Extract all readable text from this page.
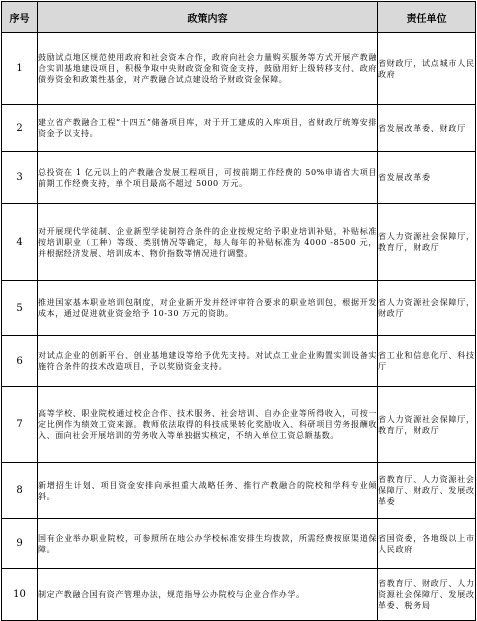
序号	政策内容	责任单位
1	鼓励试点地区规范使用政府和社会资本合作，政府向社会力量购买服务等方式开展产教融合实训基地建设项目，积极争取中央财政资金和资金支持，鼓励用好上级转移支付、政府债券资金和政策性基金，对产教融合试点建设给予财政资金保障。	省财政厅，试点城市人民政府
2	建立省产教融合工程“十四五”储备项目库，对于开工建成的入库项目，省财政厅统筹安排资金予以支持。	省发展改革委、财政厅
3	总投资在 1 亿元以上的产教融合发展工程项目，可按前期工作经费的 50%申请省大项目前期工作经费支持，单个项目最高不超过 5000 万元。	省发展改革委
4	对开展现代学徒制、企业新型学徒制符合条件的企业按规定给予职业培训补贴，补贴标准按培训职业（工种）等级、类别情况等确定，每人每年的补贴标准为 4000 -8500 元，并根据经济发展、培训成本、物价指数等情况进行调整。	省人力资源社会保障厅，教育厅，财政厅
5	推进国家基本职业培训包制度，对企业新开发并经评审符合要求的职业培训包，根据开发成本，通过促进就业资金给予 10-30 万元的资助。	省人力资源社会保障厅，财政厅
6	对试点企业的创新平台、创业基地建设等给予优先支持。对试点工业企业购置实训设备实施符合条件的技术改造项目，予以奖励资金支持。	省工业和信息化厅、科技厅
7	高等学校、职业院校通过校企合作、技术服务、社会培训、自办企业等所得收入，可按一定比例作为绩效工资来源。教师依法取得的科技成果转化奖励收入、科研项目劳务报酬收入、面向社会开展培训的劳务收入等单独据实核定，不纳入单位工资总额基数。	省人力资源社会保障厅，教育厅，财政厅
8	新增招生计划、项目资金安排向承担重大战略任务、推行产教融合的院校和学科专业倾斜。	省教育厅、人力资源社会保障厅、财政厅、发展改革委
9	国有企业举办职业院校，可参照所在地公办学校标准安排生均拨款，所需经费按原渠道保障。	省国资委，各地级以上市人民政府
10	制定产教融合国有资产管理办法，规范指导公办院校与企业合作办学。	省教育厅、财政厅、人力资源社会保障厅、发展改革委、税务局
